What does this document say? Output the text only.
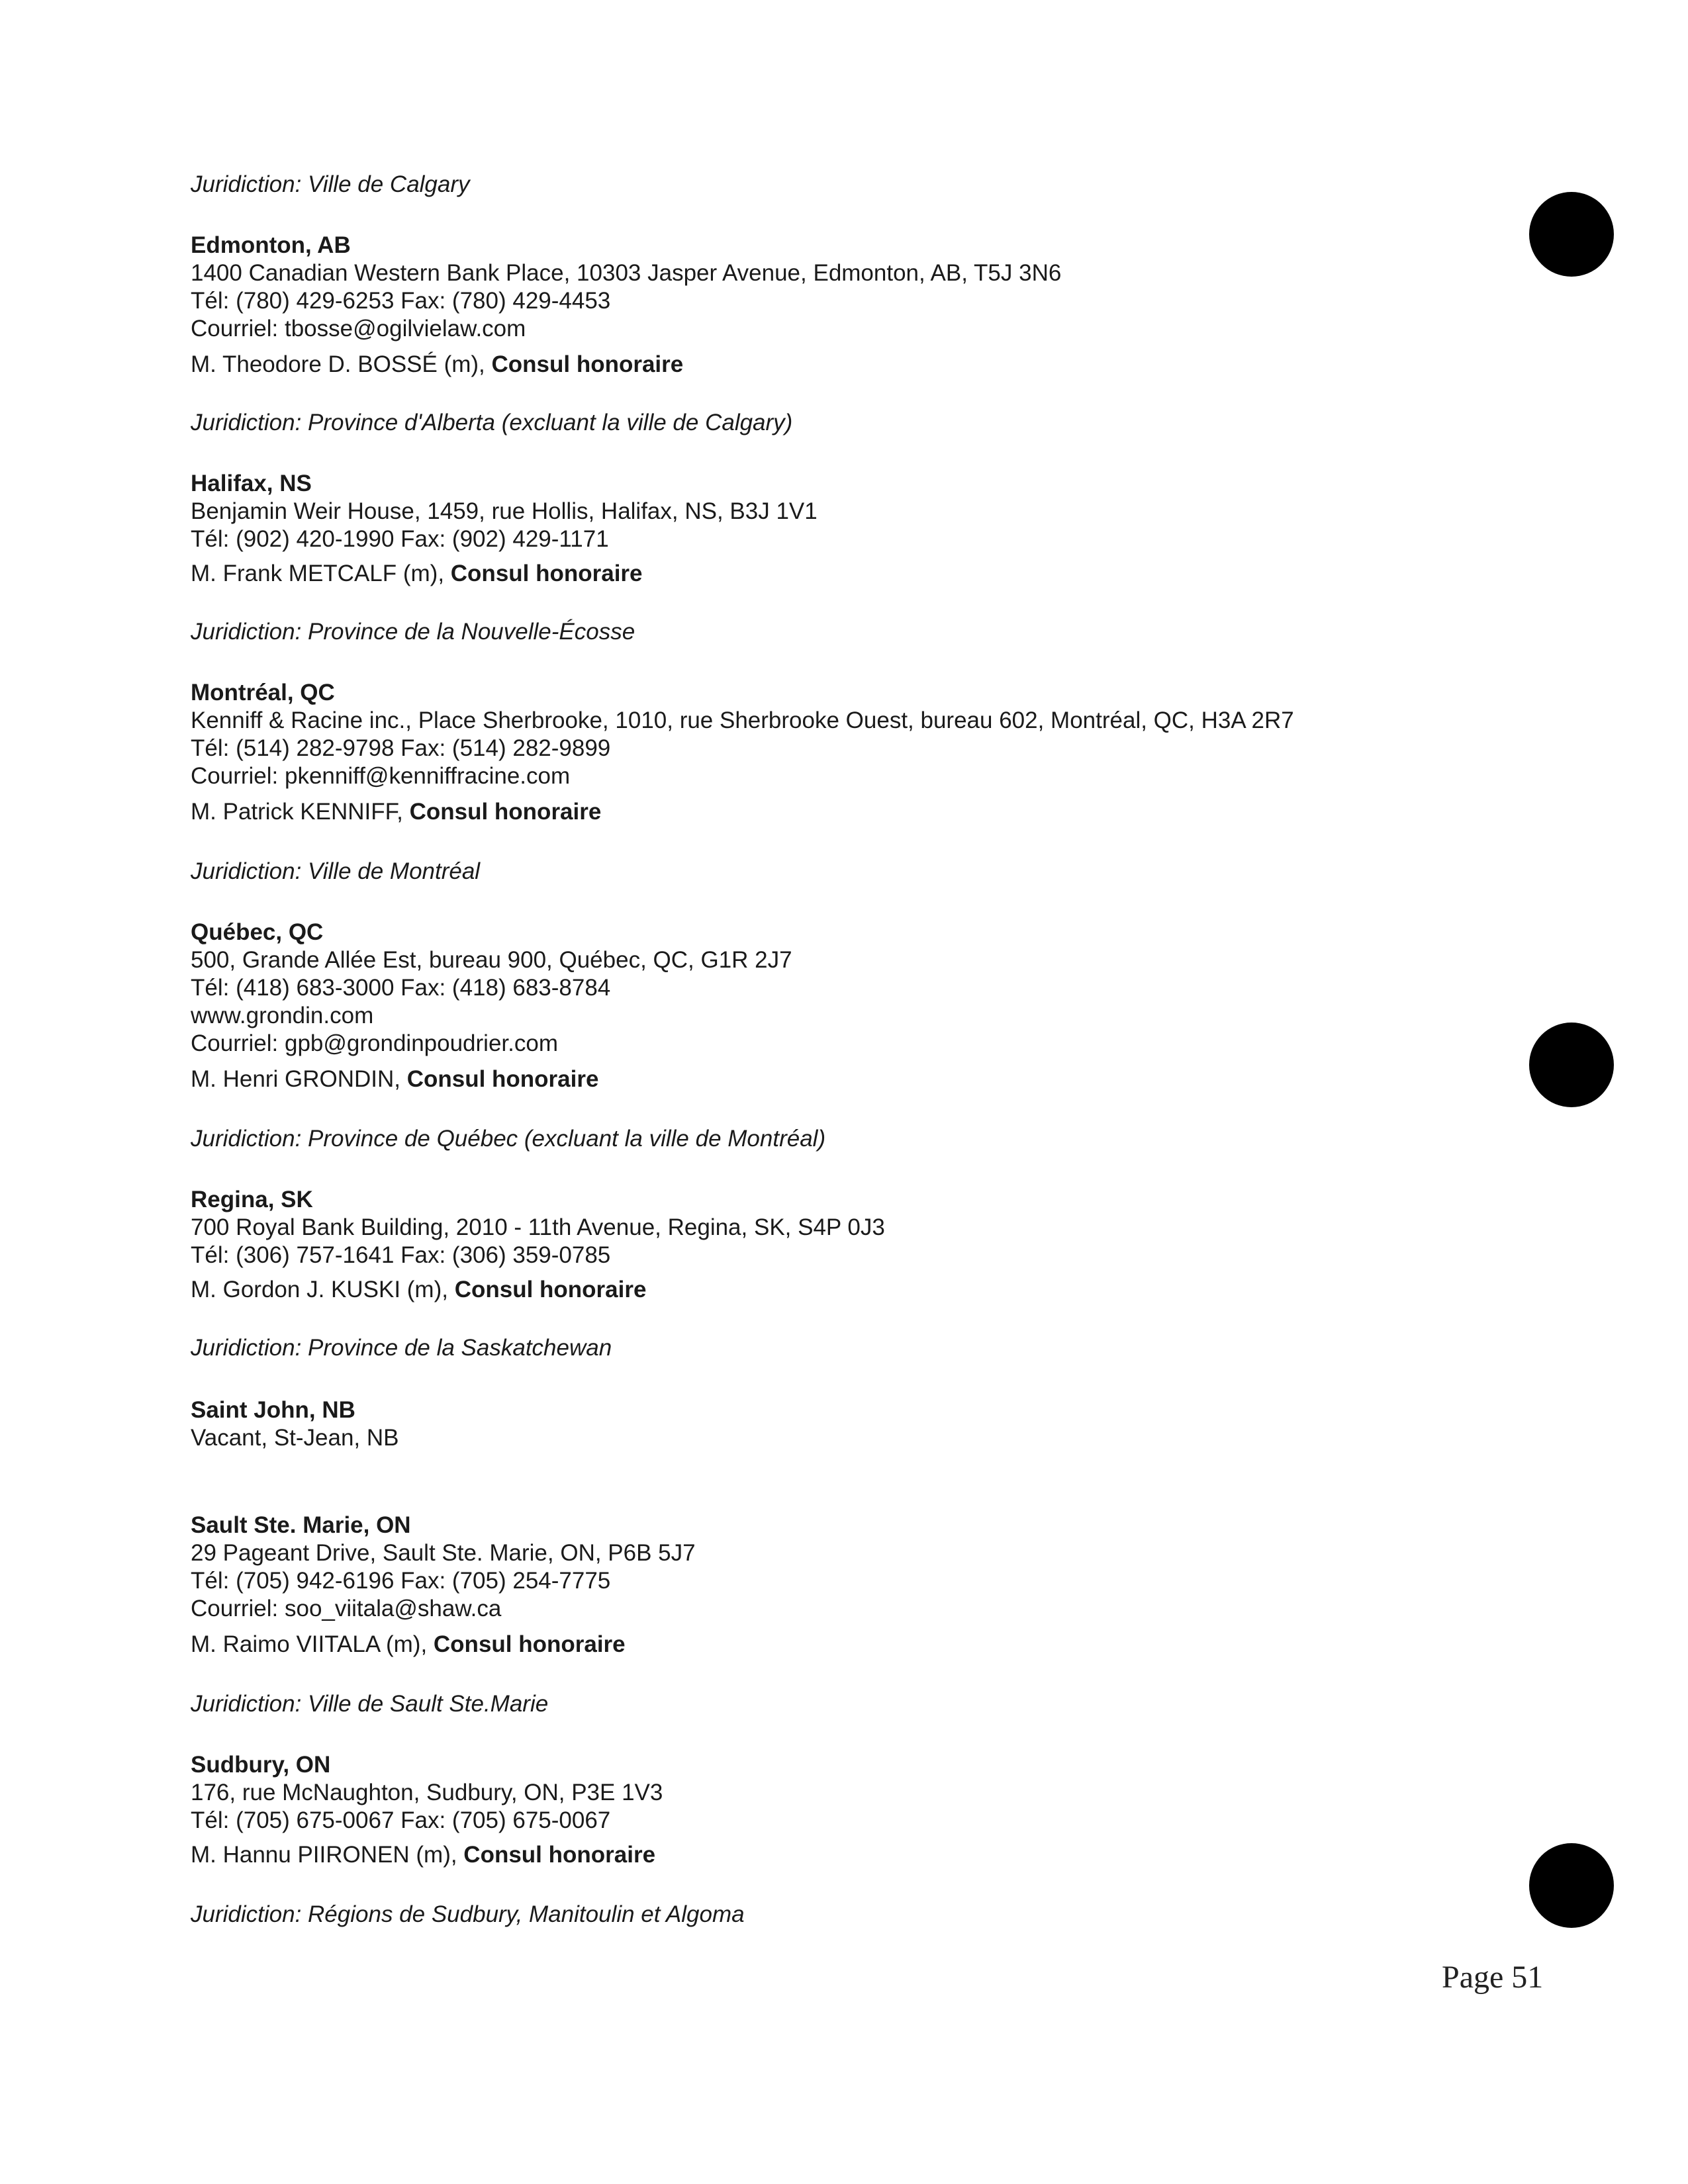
Juridiction: Ville de Calgary
Edmonton, AB
1400 Canadian Western Bank Place, 10303 Jasper Avenue, Edmonton, AB, T5J 3N6
Tél: (780) 429-6253 Fax: (780) 429-4453
Courriel: tbosse@ogilvielaw.com
M. Theodore D. BOSSÉ (m), Consul honoraire
Juridiction: Province d'Alberta (excluant la ville de Calgary)
Halifax, NS
Benjamin Weir House, 1459, rue Hollis, Halifax, NS, B3J 1V1
Tél: (902) 420-1990 Fax: (902) 429-1171
M. Frank METCALF (m), Consul honoraire
Juridiction: Province de la Nouvelle-Écosse
Montréal, QC
Kenniff & Racine inc., Place Sherbrooke, 1010, rue Sherbrooke Ouest, bureau 602, Montréal, QC, H3A 2R7
Tél: (514) 282-9798 Fax: (514) 282-9899
Courriel: pkenniff@kenniffracine.com
M. Patrick KENNIFF, Consul honoraire
Juridiction: Ville de Montréal
Québec, QC
500, Grande Allée Est, bureau 900, Québec, QC, G1R 2J7
Tél: (418) 683-3000 Fax: (418) 683-8784
www.grondin.com
Courriel: gpb@grondinpoudrier.com
M. Henri GRONDIN, Consul honoraire
Juridiction: Province de Québec (excluant la ville de Montréal)
Regina, SK
700 Royal Bank Building, 2010 - 11th Avenue, Regina, SK, S4P 0J3
Tél: (306) 757-1641 Fax: (306) 359-0785
M. Gordon J. KUSKI (m), Consul honoraire
Juridiction: Province de la Saskatchewan
Saint John, NB
Vacant, St-Jean, NB
Sault Ste. Marie, ON
29 Pageant Drive, Sault Ste. Marie, ON, P6B 5J7
Tél: (705) 942-6196 Fax: (705) 254-7775
Courriel: soo_viitala@shaw.ca
M. Raimo VIITALA (m), Consul honoraire
Juridiction: Ville de Sault Ste.Marie
Sudbury, ON
176, rue McNaughton, Sudbury, ON, P3E 1V3
Tél: (705) 675-0067 Fax: (705) 675-0067
M. Hannu PIIRONEN (m), Consul honoraire
Juridiction: Régions de Sudbury, Manitoulin et Algoma
Page 51
